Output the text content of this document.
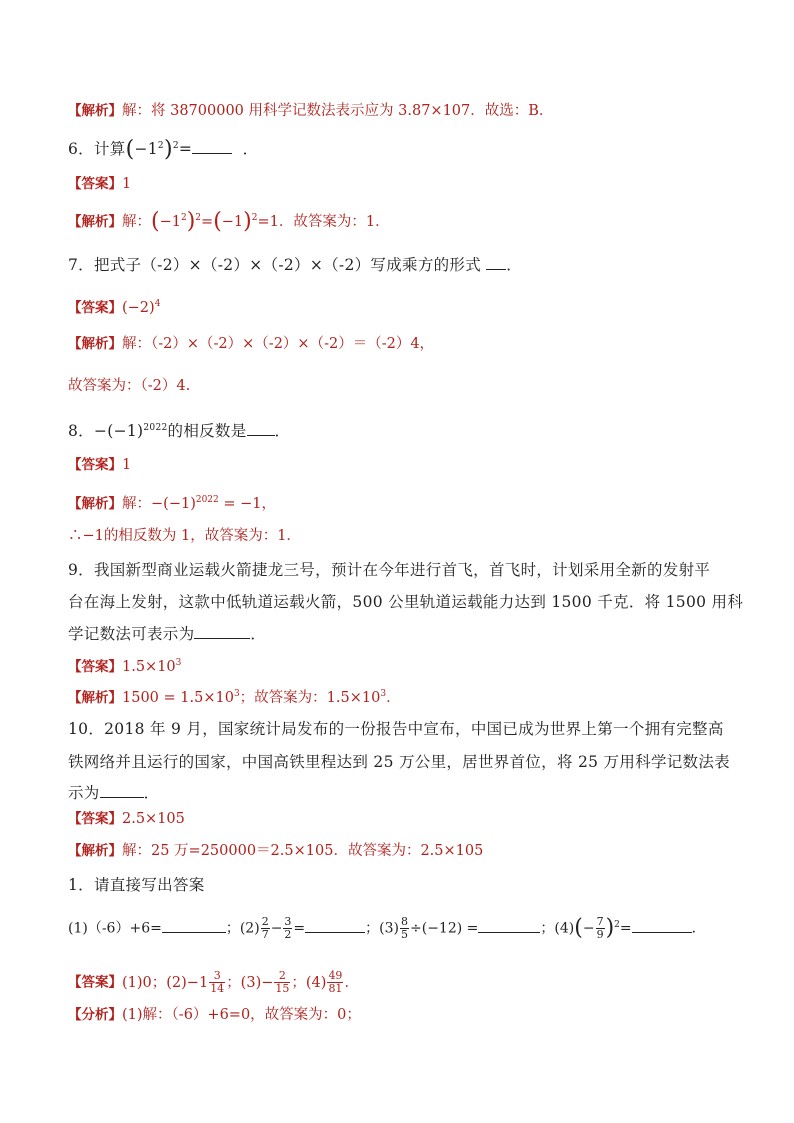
【解析】解：将 38700000 用科学记数法表示应为 3.87×107．故选：B．
6．计算$(-1^2)^2=$	．
【答案】1
【解析】解：$(-1^2)^2=(-1)^2=1$．故答案为：1．
7．把式子（-2）×（-2）×（-2）×（-2）写成乘方的形式 ．
【答案】$(-2)^4$
【解析】解：（-2）×（-2）×（-2）×（-2）＝（-2）4，
故答案为：（-2）4.
8．$-(-1)^{2022}$的相反数是 ．
【答案】1
【解析】解：$-(-1)^{2022} = -1$，
∴−1的相反数为 1，故答案为：1．
9．我国新型商业运载火箭捷龙三号，预计在今年进行首飞，首飞时，计划采用全新的发射平
台在海上发射，这款中低轨道运载火箭，500 公里轨道运载能力达到 1500 千克．将 1500 用科
学记数法可表示为	．
【答案】$1.5\times 10^3$
【解析】$1500 = 1.5\times 10^3$；故答案为：$1.5\times 10^3$．
10．2018 年 9 月，国家统计局发布的一份报告中宣布，中国已成为世界上第一个拥有完整高
铁网络并且运行的国家，中国高铁里程达到 25 万公里，居世界首位，将 25 万用科学记数法表
示为	．
【答案】2.5×105
【解析】解：25 万=250000＝2.5×105．故答案为：2.5×105
1．请直接写出答案
(1)（-6）+6=	；$(2) \frac{2}{7} - \frac{3}{2}$ =	；$(3) \frac{8}{5} \div(-12)$ =	；$(4)(- \frac{7}{9} )^2=$	．
【答案】(1)0；$(2)-1 \frac{3}{14}$ ；$(3)- \frac{2}{15}$ ；$(4) \frac{49}{81}$ ．
【分析】(1)解：（-6）+6=0，故答案为：0；
